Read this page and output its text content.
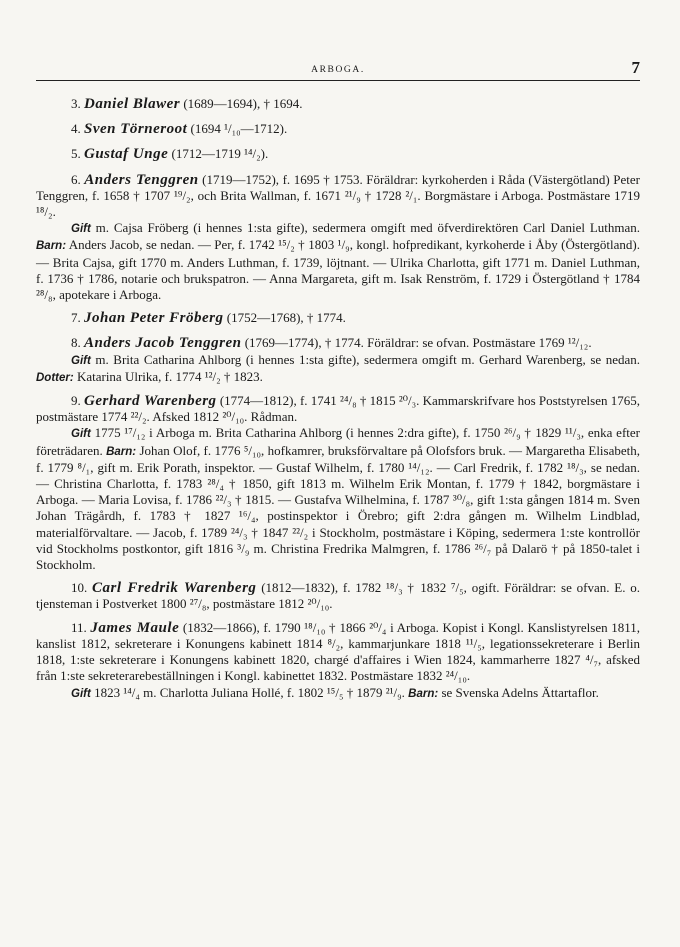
ARBOGA.	7

3. Daniel Blawer (1689—1694), † 1694.

4. Sven Törneroot (1694 ¹/₁₀—1712).

5. Gustaf Unge (1712—1719 ¹⁴/₂).

6. Anders Tenggren (1719—1752), f. 1695 † 1753. Föräldrar: kyrkoherden i Råda (Västergötland) Peter Tenggren, f. 1658 † 1707 ¹⁹/₂, och Brita Wallman, f. 1671 ²¹/₉ † 1728 ²/₁. Borgmästare i Arboga. Postmästare 1719 ¹⁸/₂.

Gift m. Cajsa Fröberg (i hennes 1:sta gifte), sedermera omgift med öfverdirektören Carl Daniel Luthman. Barn: Anders Jacob, se nedan. — Per, f. 1742 ¹⁵/₂ † 1803 ¹/₉, kongl. hofpredikant, kyrkoherde i Åby (Östergötland). — Brita Cajsa, gift 1770 m. Anders Luthman, f. 1739, löjtnant. — Ulrika Charlotta, gift 1771 m. Daniel Luthman, f. 1736 † 1786, notarie och brukspatron. — Anna Margareta, gift m. Isak Renström, f. 1729 i Östergötland † 1784 ²⁸/₈, apotekare i Arboga.

7. Johan Peter Fröberg (1752—1768), † 1774.

8. Anders Jacob Tenggren (1769—1774), † 1774. Föräldrar: se ofvan. Postmästare 1769 ¹²/₁₂.

Gift m. Brita Catharina Ahlborg (i hennes 1:sta gifte), sedermera omgift m. Gerhard Warenberg, se nedan. Dotter: Katarina Ulrika, f. 1774 ¹²/₂ † 1823.

9. Gerhard Warenberg (1774—1812), f. 1741 ²⁴/₈ † 1815 ²⁰/₃. Kammarskrifvare hos Poststyrelsen 1765, postmästare 1774 ²²/₂. Afsked 1812 ²⁰/₁₀. Rådman.

Gift 1775 ¹⁷/₁₂ i Arboga m. Brita Catharina Ahlborg (i hennes 2:dra gifte), f. 1750 ²⁶/₉ † 1829 ¹¹/₃, enka efter företrädaren. Barn: Johan Olof, f. 1776 ⁵/₁₀, hofkamrer, bruksförvaltare på Olofsfors bruk. — Margaretha Elisabeth, f. 1779 ⁸/₁, gift m. Erik Porath, inspektor. — Gustaf Wilhelm, f. 1780 ¹⁴/₁₂. — Carl Fredrik, f. 1782 ¹⁸/₃, se nedan. — Christina Charlotta, f. 1783 ²⁸/₄ † 1850, gift 1813 m. Wilhelm Erik Montan, f. 1779 † 1842, borgmästare i Arboga. — Maria Lovisa, f. 1786 ²²/₃ † 1815. — Gustafva Wilhelmina, f. 1787 ³⁰/₈, gift 1:sta gången 1814 m. Sven Johan Trägårdh, f. 1783 † 1827 ¹⁶/₄, postinspektor i Örebro; gift 2:dra gången m. Wilhelm Lindblad, materialförvaltare. — Jacob, f. 1789 ²⁴/₃ † 1847 ²²/₂ i Stockholm, postmästare i Köping, sedermera 1:ste kontrollör vid Stockholms postkontor, gift 1816 ³/₉ m. Christina Fredrika Malmgren, f. 1786 ²⁶/₇ på Dalarö † på 1850-talet i Stockholm.

10. Carl Fredrik Warenberg (1812—1832), f. 1782 ¹⁸/₃ † 1832 ⁷/₅, ogift. Föräldrar: se ofvan. E. o. tjensteman i Postverket 1800 ²⁷/₈, postmästare 1812 ²⁰/₁₀.

11. James Maule (1832—1866), f. 1790 ¹⁸/₁₀ † 1866 ²⁰/₄ i Arboga. Kopist i Kongl. Kanslistyrelsen 1811, kanslist 1812, sekreterare i Konungens kabinett 1814 ⁸/₂, kammarjunkare 1818 ¹¹/₅, legationssekreterare i Berlin 1818, 1:ste sekreterare i Konungens kabinett 1820, chargé d'affaires i Wien 1824, kammarherre 1827 ⁴/₇, afsked från 1:ste sekreterarebeställningen i Kongl. kabinettet 1832. Postmästare 1832 ²⁴/₁₀.

Gift 1823 ¹⁴/₄ m. Charlotta Juliana Hollé, f. 1802 ¹⁵/₅ † 1879 ²¹/₉. Barn: se Svenska Adelns Ättartaflor.
